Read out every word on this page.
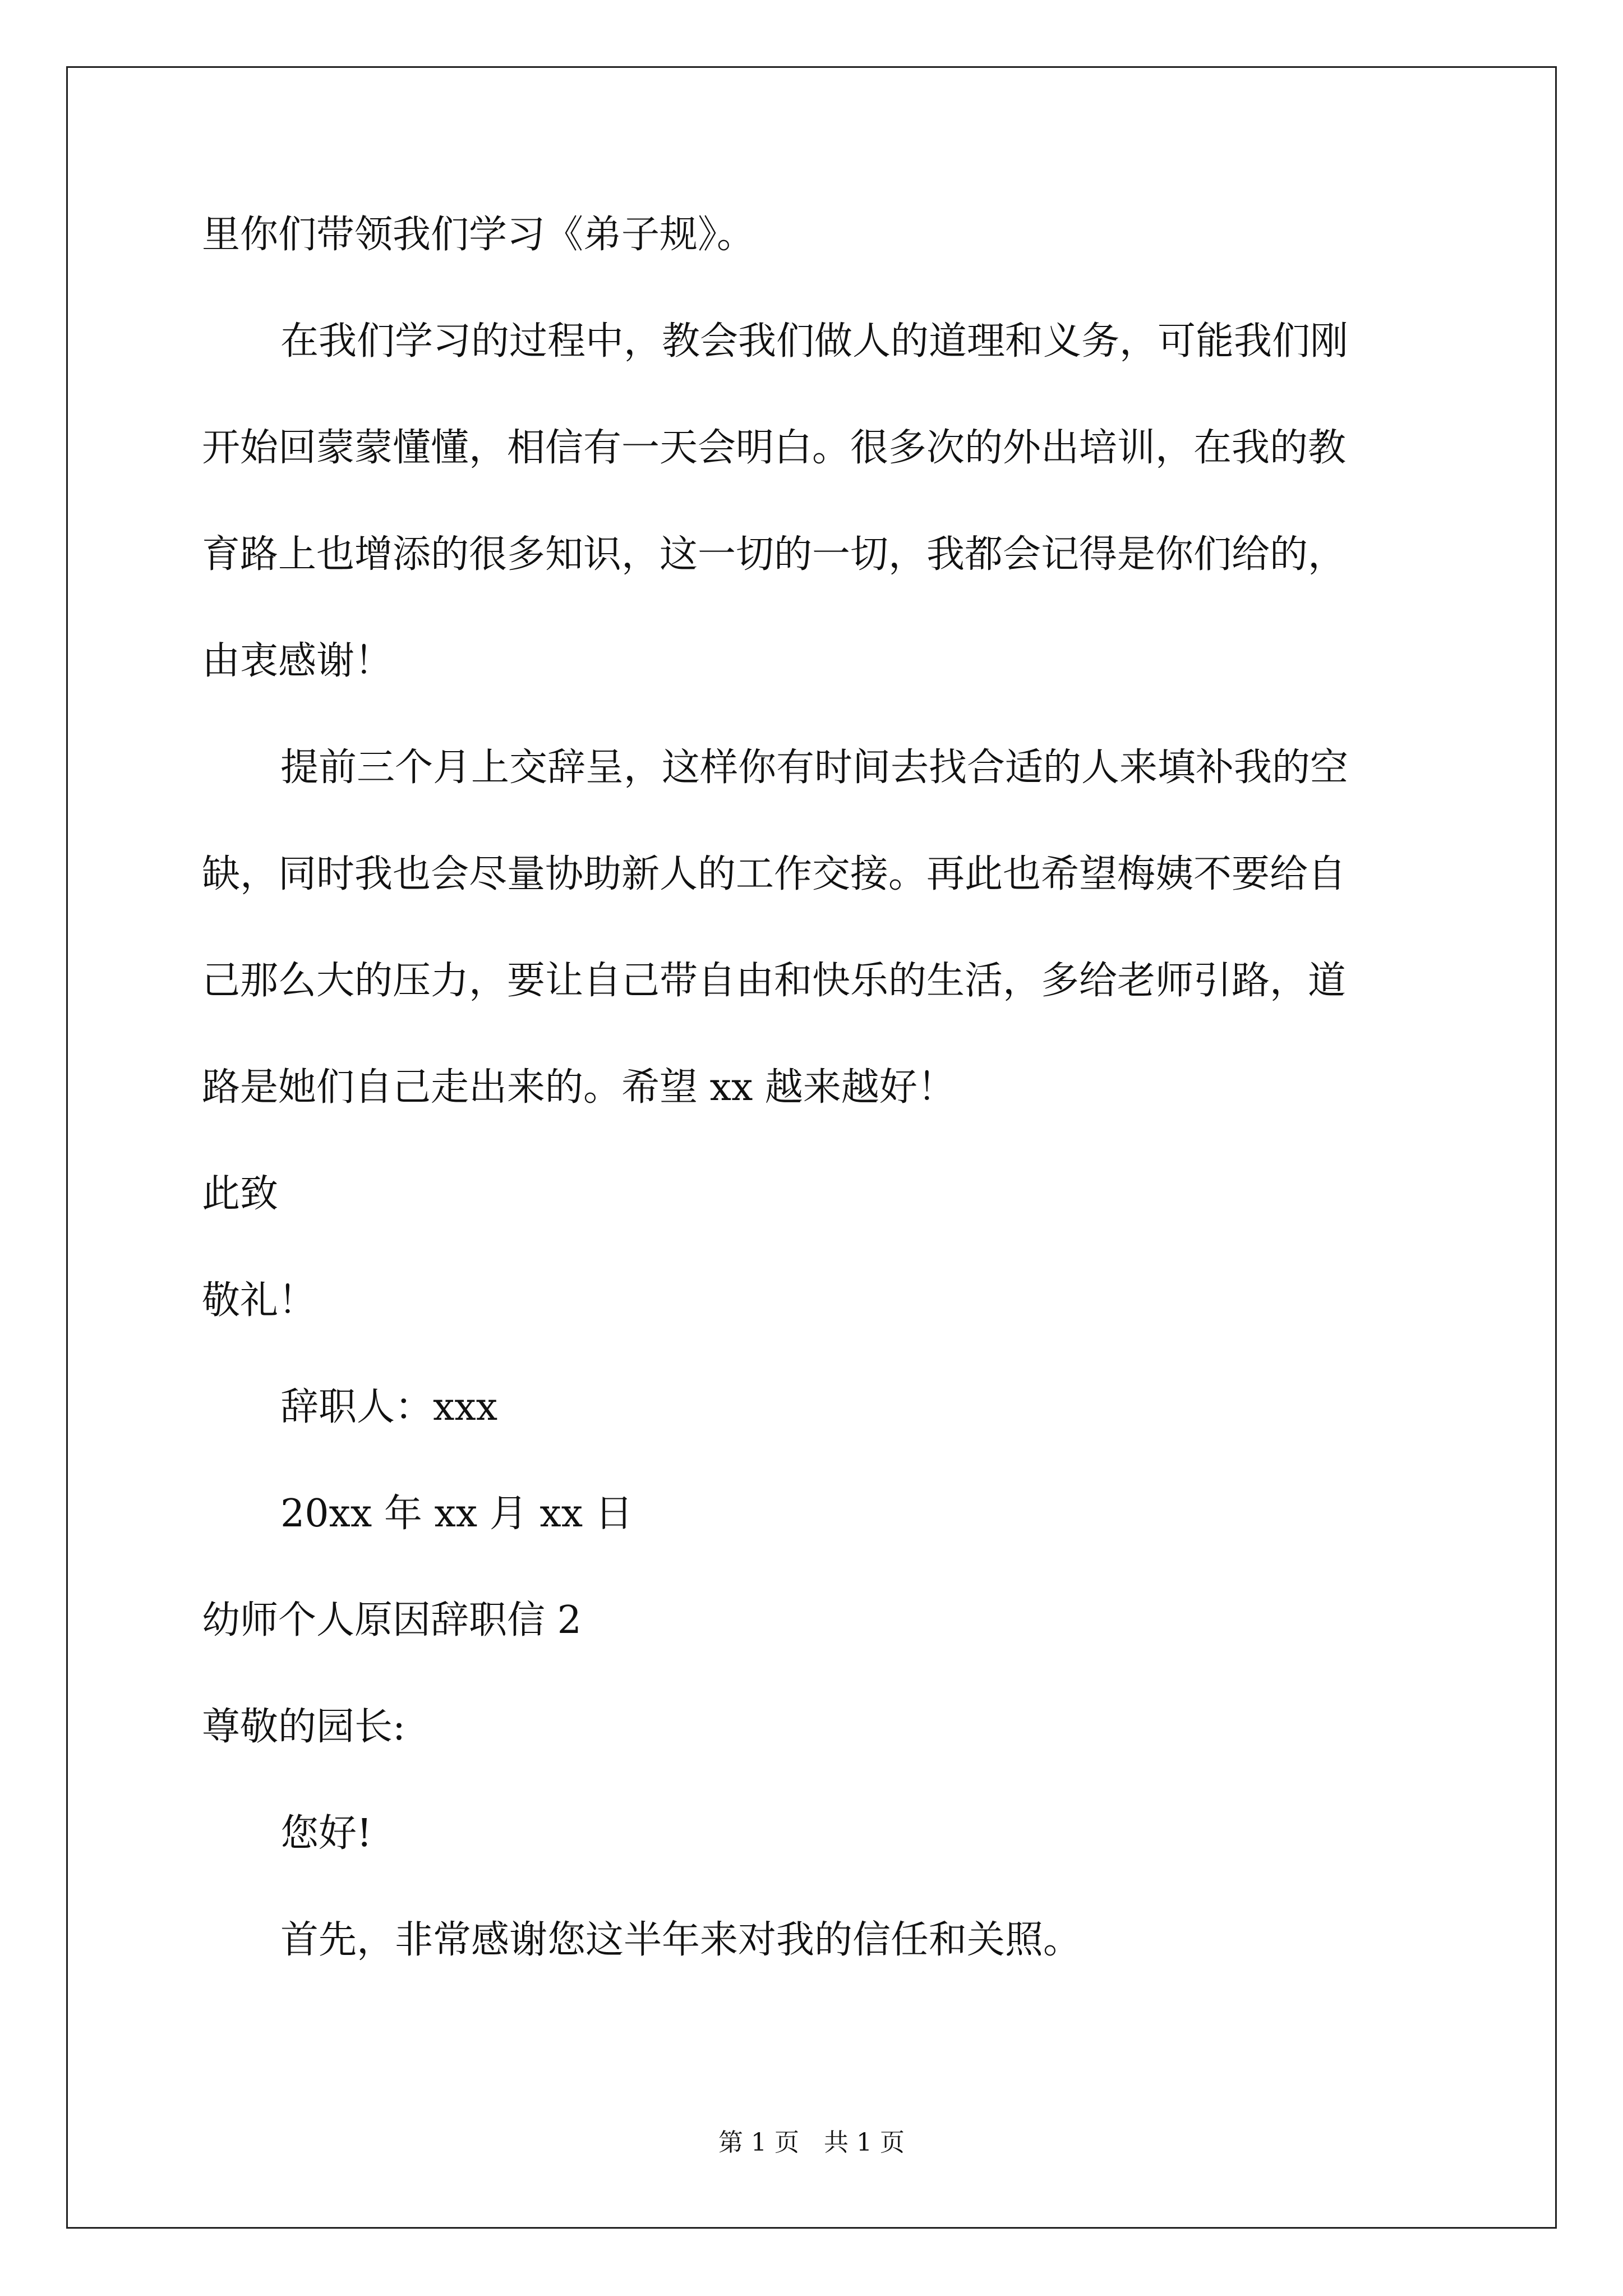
里你们带领我们学习《弟子规》。
在我们学习的过程中，教会我们做人的道理和义务，可能我们刚
开始回蒙蒙懂懂，相信有一天会明白。很多次的外出培训，在我的教
育路上也增添的很多知识，这一切的一切，我都会记得是你们给的，
由衷感谢！
提前三个月上交辞呈，这样你有时间去找合适的人来填补我的空
缺，同时我也会尽量协助新人的工作交接。再此也希望梅姨不要给自
己那么大的压力，要让自己带自由和快乐的生活，多给老师引路，道
路是她们自己走出来的。希望 xx 越来越好！
此致
敬礼！
辞职人：xxx
20xx 年 xx 月 xx 日
幼师个人原因辞职信 2
尊敬的园长:
您好!
首先，非常感谢您这半年来对我的信任和关照。
第 1 页　共 1 页
